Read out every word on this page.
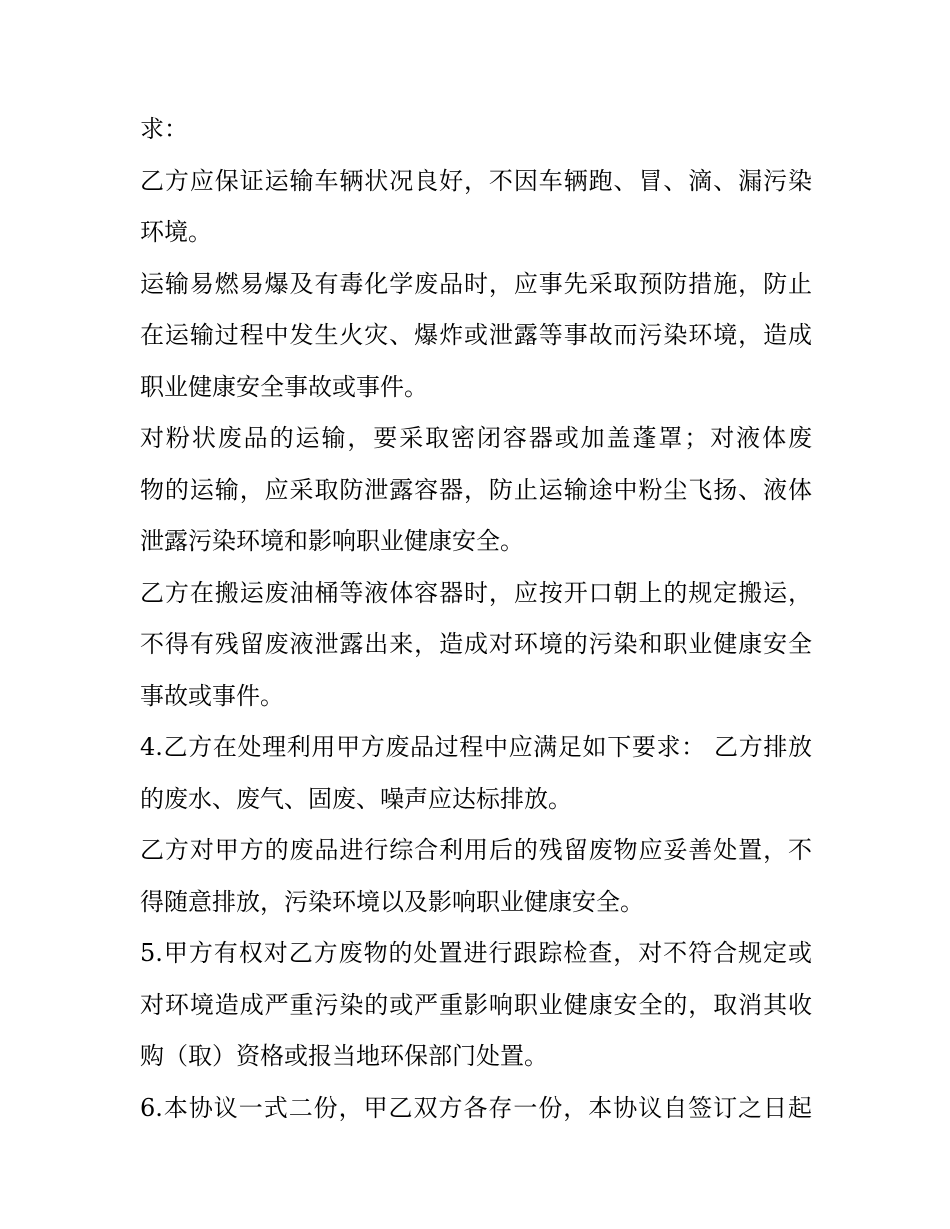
求：
乙方应保证运输车辆状况良好，不因车辆跑、冒、滴、漏污染
环境。
运输易燃易爆及有毒化学废品时，应事先采取预防措施，防止
在运输过程中发生火灾、爆炸或泄露等事故而污染环境，造成
职业健康安全事故或事件。
对粉状废品的运输，要采取密闭容器或加盖蓬罩；对液体废
物的运输，应采取防泄露容器，防止运输途中粉尘飞扬、液体
泄露污染环境和影响职业健康安全。
乙方在搬运废油桶等液体容器时，应按开口朝上的规定搬运，
不得有残留废液泄露出来，造成对环境的污染和职业健康安全
事故或事件。
4.乙方在处理利用甲方废品过程中应满足如下要求： 乙方排放
的废水、废气、固废、噪声应达标排放。
乙方对甲方的废品进行综合利用后的残留废物应妥善处置，不
得随意排放，污染环境以及影响职业健康安全。
5.甲方有权对乙方废物的处置进行跟踪检查，对不符合规定或
对环境造成严重污染的或严重影响职业健康安全的，取消其收
购（取）资格或报当地环保部门处置。
6.本协议一式二份，甲乙双方各存一份，本协议自签订之日起
